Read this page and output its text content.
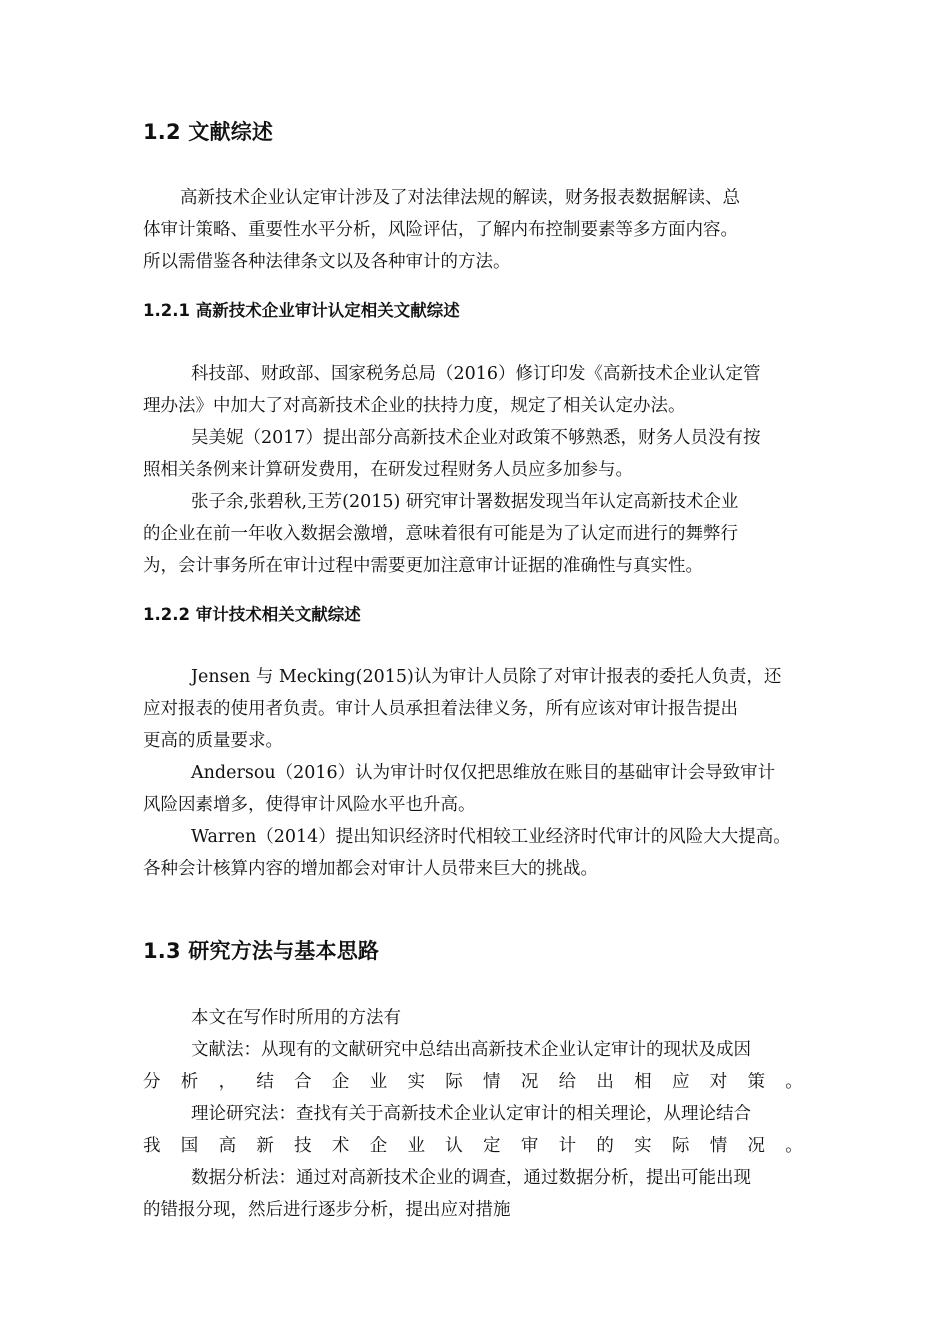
1.2 文献综述

高新技术企业认定审计涉及了对法律法规的解读，财务报表数据解读、总

体审计策略、重要性水平分析，风险评估，了解内布控制要素等多方面内容。

所以需借鉴各种法律条文以及各种审计的方法。

1.2.1 高新技术企业审计认定相关文献综述

科技部、财政部、国家税务总局（2016）修订印发《高新技术企业认定管

理办法》中加大了对高新技术企业的扶持力度，规定了相关认定办法。

吴美妮（2017）提出部分高新技术企业对政策不够熟悉，财务人员没有按

照相关条例来计算研发费用，在研发过程财务人员应多加参与。

张子余,张碧秋,王芳(2015) 研究审计署数据发现当年认定高新技术企业

的企业在前一年收入数据会激增，意味着很有可能是为了认定而进行的舞弊行

为，会计事务所在审计过程中需要更加注意审计证据的准确性与真实性。

1.2.2 审计技术相关文献综述

Jensen 与 Mecking(2015)认为审计人员除了对审计报表的委托人负责，还

应对报表的使用者负责。审计人员承担着法律义务，所有应该对审计报告提出

更高的质量要求。

Andersou（2016）认为审计时仅仅把思维放在账目的基础审计会导致审计

风险因素增多，使得审计风险水平也升高。

Warren（2014）提出知识经济时代相较工业经济时代审计的风险大大提高。

各种会计核算内容的增加都会对审计人员带来巨大的挑战。

1.3 研究方法与基本思路

本文在写作时所用的方法有

文献法：从现有的文献研究中总结出高新技术企业认定审计的现状及成因

分 析 ， 结 合 企 业 实 际 情 况 给 出 相 应 对 策 。

理论研究法：查找有关于高新技术企业认定审计的相关理论，从理论结合

我 国 高 新 技 术 企 业 认 定 审 计 的 实 际 情 况 。

数据分析法：通过对高新技术企业的调查，通过数据分析，提出可能出现

的错报分现，然后进行逐步分析，提出应对措施
